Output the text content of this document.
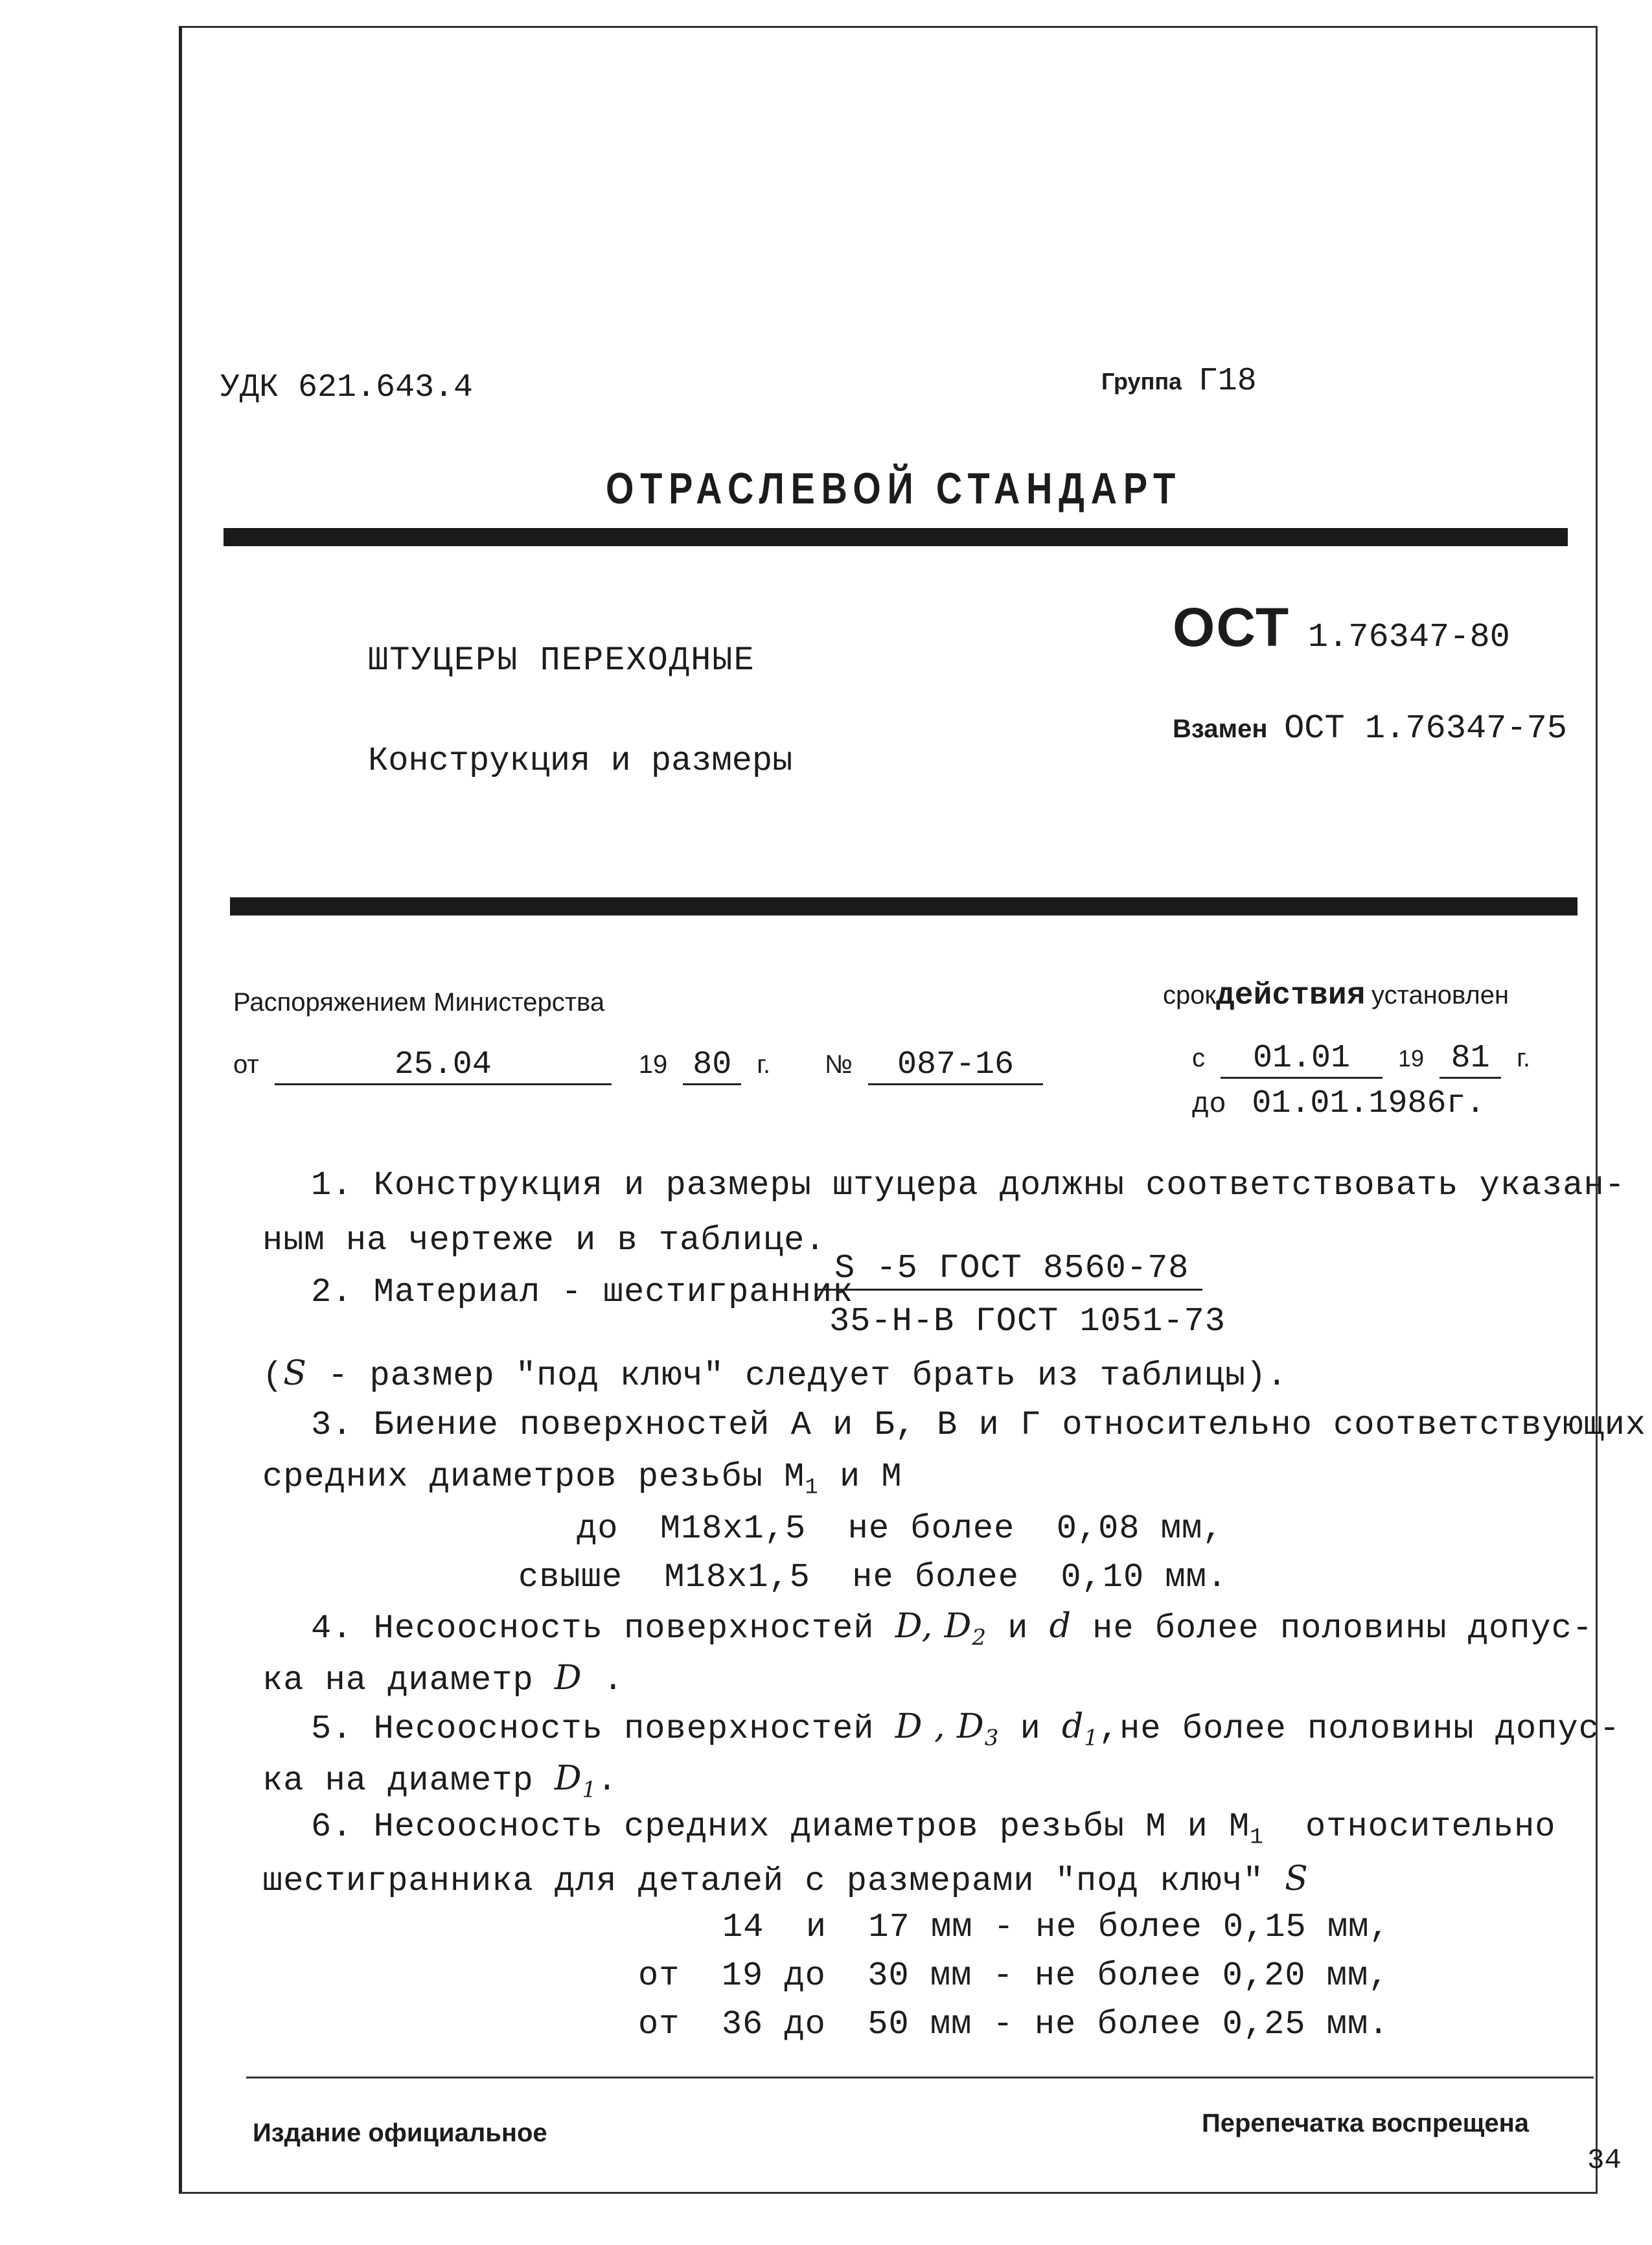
УДК 621.643.4	Группа Г18
ОТРАСЛЕВОЙ СТАНДАРТ
ШТУЦЕРЫ ПЕРЕХОДНЫЕ
Конструкция и размеры
ОСТ 1.76347-80
Взамен ОСТ 1.76347-75
Распоряжением Министерства
от	25.04	19 80 г. № 087-16
срокдействия установлен
с 01.01 19 81 г.
до 01.01.1986г.
1. Конструкция и размеры штуцера должны соответствовать указан-
ным на чертеже и в таблице.
2. Материал - шестигранник
S -5 ГОСТ 8560-78
35-Н-В ГОСТ 1051-73
(S - размер "под ключ" следует брать из таблицы).
3. Биение поверхностей А и Б, В и Г относительно соответствующих
средних диаметров резьбы $М_1$ и М
до  М18х1,5  не более  0,08 мм,
свыше  М18х1,5  не более  0,10 мм.
4. Несоосность поверхностей D, $D_2$ и d не более половины допус-
ка на диаметр D .
5. Несоосность поверхностей D , $D_3$ и $d_1,не$ более половины допус-
ка на диаметр $D_1$.
6. Несоосность средних диаметров резьбы М и $М_1$  относительно
шестигранника для деталей с размерами "под ключ" S
14  и  17 мм - не более 0,15 мм,
от  19 до  30 мм - не более 0,20 мм,
от  36 до  50 мм - не более 0,25 мм.
Издание официальное	Перепечатка воспрещена
34
